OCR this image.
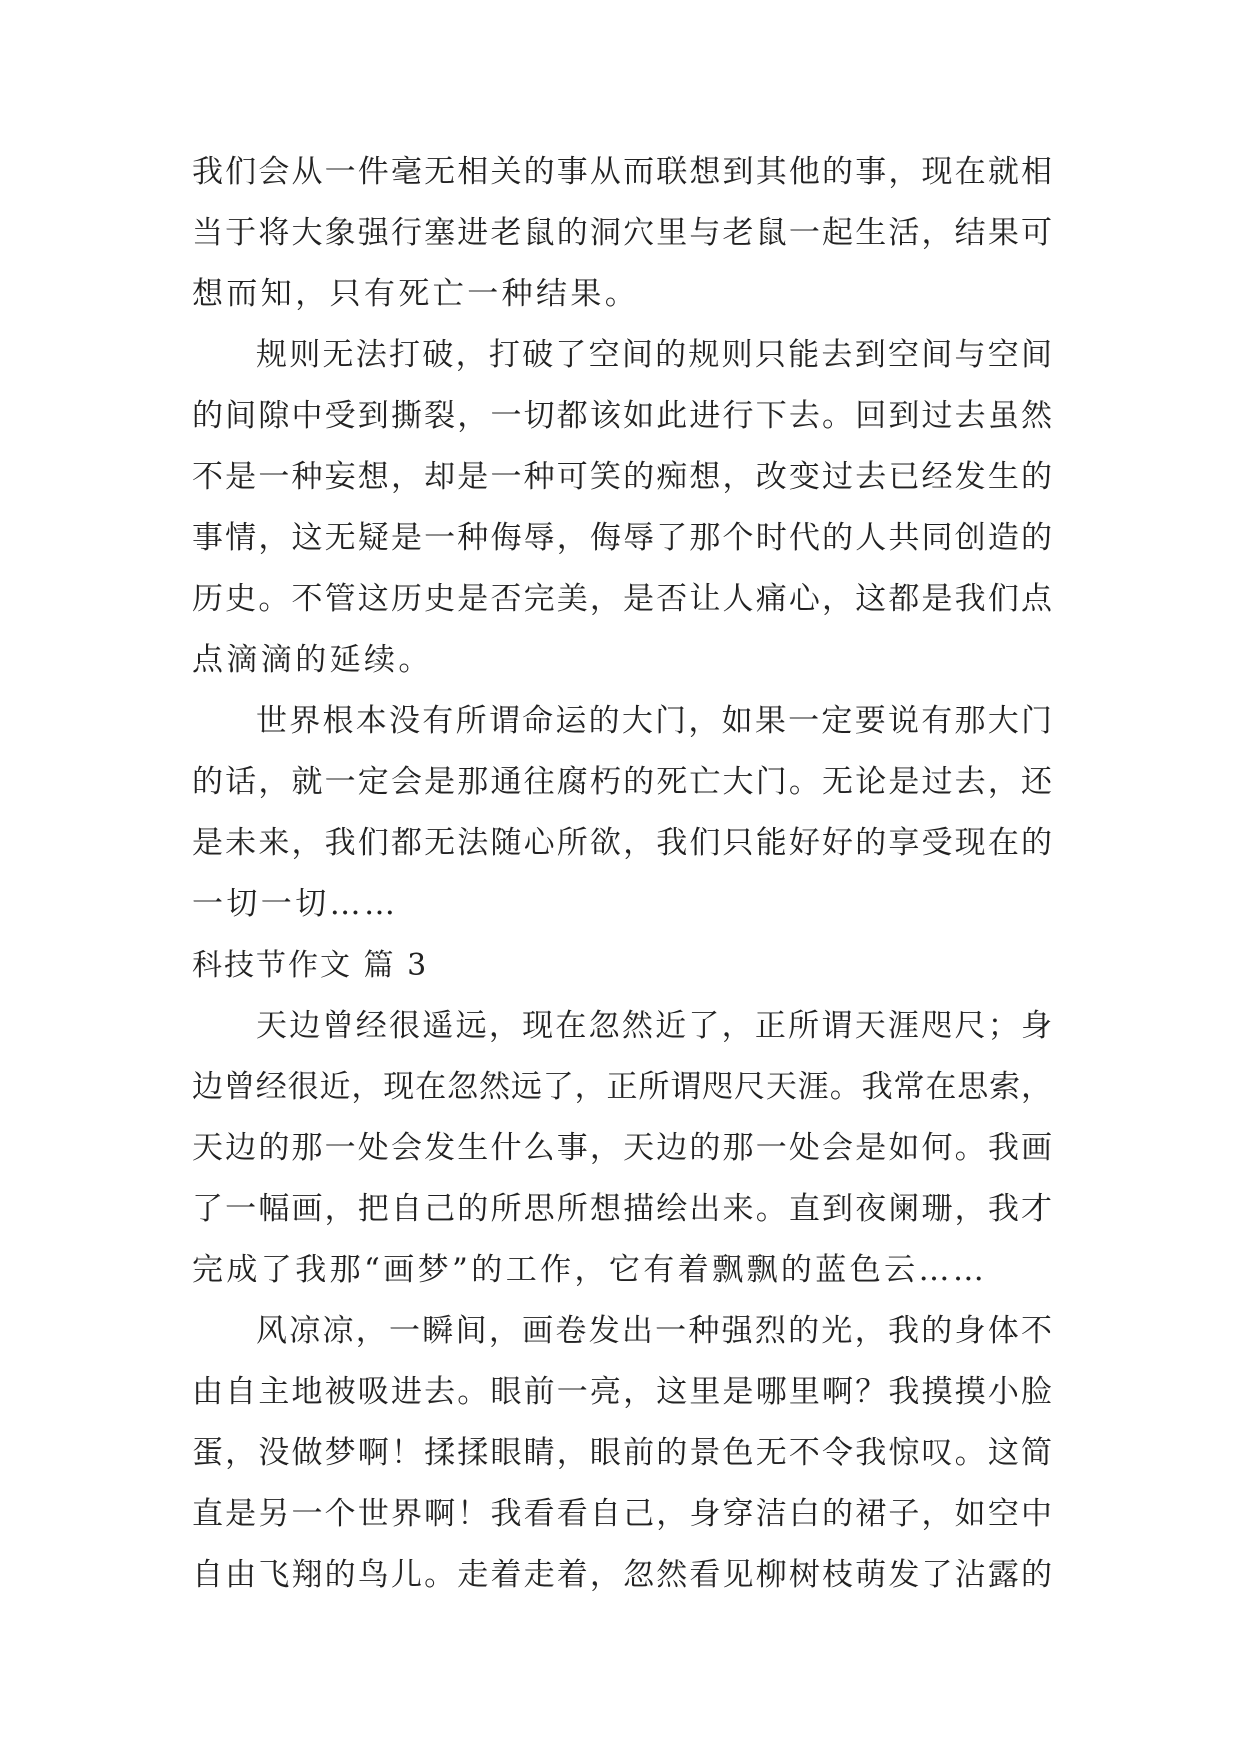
我们会从一件毫无相关的事从而联想到其他的事，现在就相
当于将大象强行塞进老鼠的洞穴里与老鼠一起生活，结果可
想而知，只有死亡一种结果。
规则无法打破，打破了空间的规则只能去到空间与空间
的间隙中受到撕裂，一切都该如此进行下去。回到过去虽然
不是一种妄想，却是一种可笑的痴想，改变过去已经发生的
事情，这无疑是一种侮辱，侮辱了那个时代的人共同创造的
历史。不管这历史是否完美，是否让人痛心，这都是我们点
点滴滴的延续。
世界根本没有所谓命运的大门，如果一定要说有那大门
的话，就一定会是那通往腐朽的死亡大门。无论是过去，还
是未来，我们都无法随心所欲，我们只能好好的享受现在的
一切一切……
科技节作文 篇 3
天边曾经很遥远，现在忽然近了，正所谓天涯咫尺；身
边曾经很近，现在忽然远了，正所谓咫尺天涯。我常在思索，
天边的那一处会发生什么事，天边的那一处会是如何。我画
了一幅画，把自己的所思所想描绘出来。直到夜阑珊，我才
完成了我那“画梦”的工作，它有着飘飘的蓝色云……
风凉凉，一瞬间，画卷发出一种强烈的光，我的身体不
由自主地被吸进去。眼前一亮，这里是哪里啊？我摸摸小脸
蛋，没做梦啊！揉揉眼睛，眼前的景色无不令我惊叹。这简
直是另一个世界啊！我看看自己，身穿洁白的裙子，如空中
自由飞翔的鸟儿。走着走着，忽然看见柳树枝萌发了沾露的
